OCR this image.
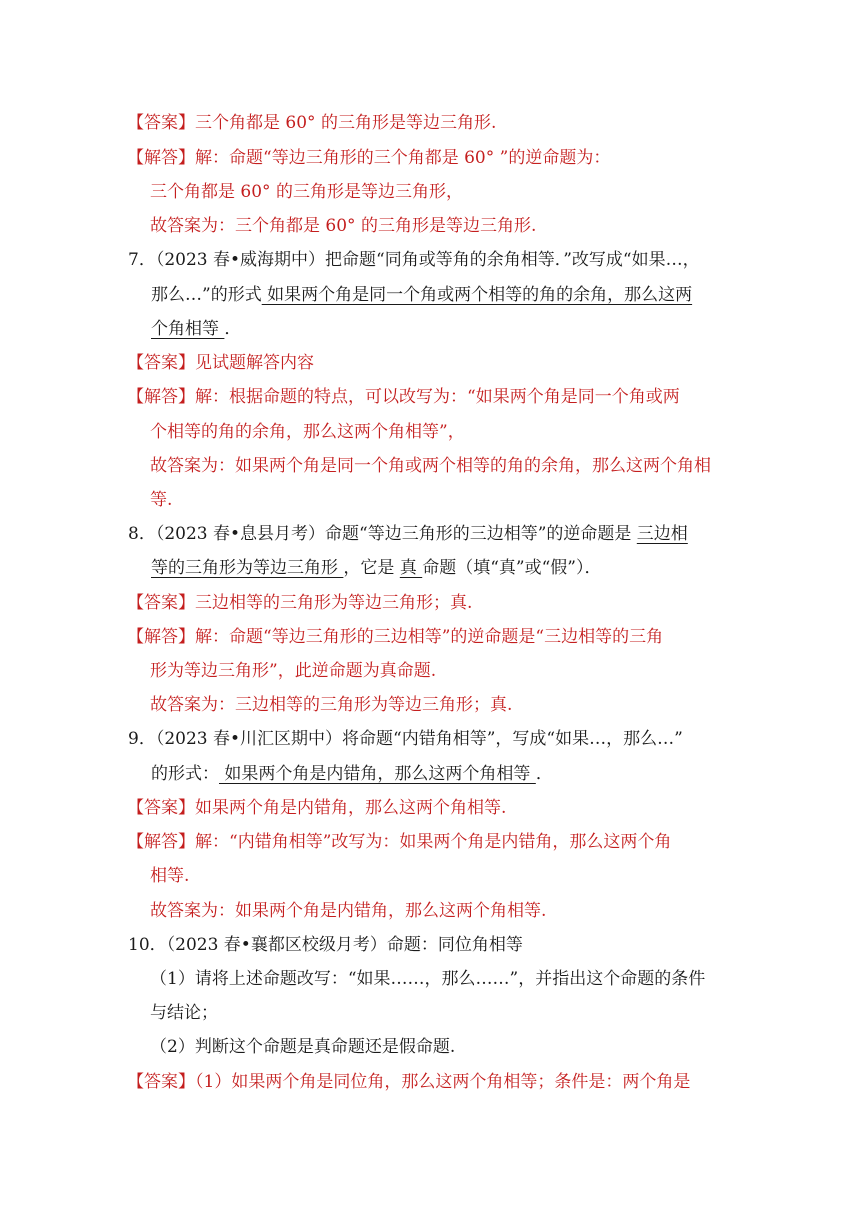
【答案】三个角都是 60° 的三角形是等边三角形.
【解答】解：命题“等边三角形的三个角都是 60° ”的逆命题为：
三个角都是 60° 的三角形是等边三角形，
故答案为：三个角都是 60° 的三角形是等边三角形.
7．（2023 春•威海期中）把命题“同角或等角的余角相等．”改写成“如果…，
那么…”的形式 如果两个角是同一个角或两个相等的角的余角，那么这两
个角相等 ．
【答案】见试题解答内容
【解答】解：根据命题的特点，可以改写为：“如果两个角是同一个角或两
个相等的角的余角，那么这两个角相等”，
故答案为：如果两个角是同一个角或两个相等的角的余角，那么这两个角相
等.
8．（2023 春•息县月考）命题“等边三角形的三边相等”的逆命题是 三边相
等的三角形为等边三角形 ，它是 真 命题（填“真”或“假”）．
【答案】三边相等的三角形为等边三角形；真.
【解答】解：命题“等边三角形的三边相等”的逆命题是“三边相等的三角
形为等边三角形”，此逆命题为真命题.
故答案为：三边相等的三角形为等边三角形；真.
9．（2023 春•川汇区期中）将命题“内错角相等”，写成“如果…，那么…”
的形式： 如果两个角是内错角，那么这两个角相等 ．
【答案】如果两个角是内错角，那么这两个角相等.
【解答】解：“内错角相等”改写为：如果两个角是内错角，那么这两个角
相等.
故答案为：如果两个角是内错角，那么这两个角相等.
10．（2023 春•襄都区校级月考）命题：同位角相等
（1）请将上述命题改写：“如果……，那么……”，并指出这个命题的条件
与结论；
（2）判断这个命题是真命题还是假命题.
【答案】（1）如果两个角是同位角，那么这两个角相等；条件是：两个角是
